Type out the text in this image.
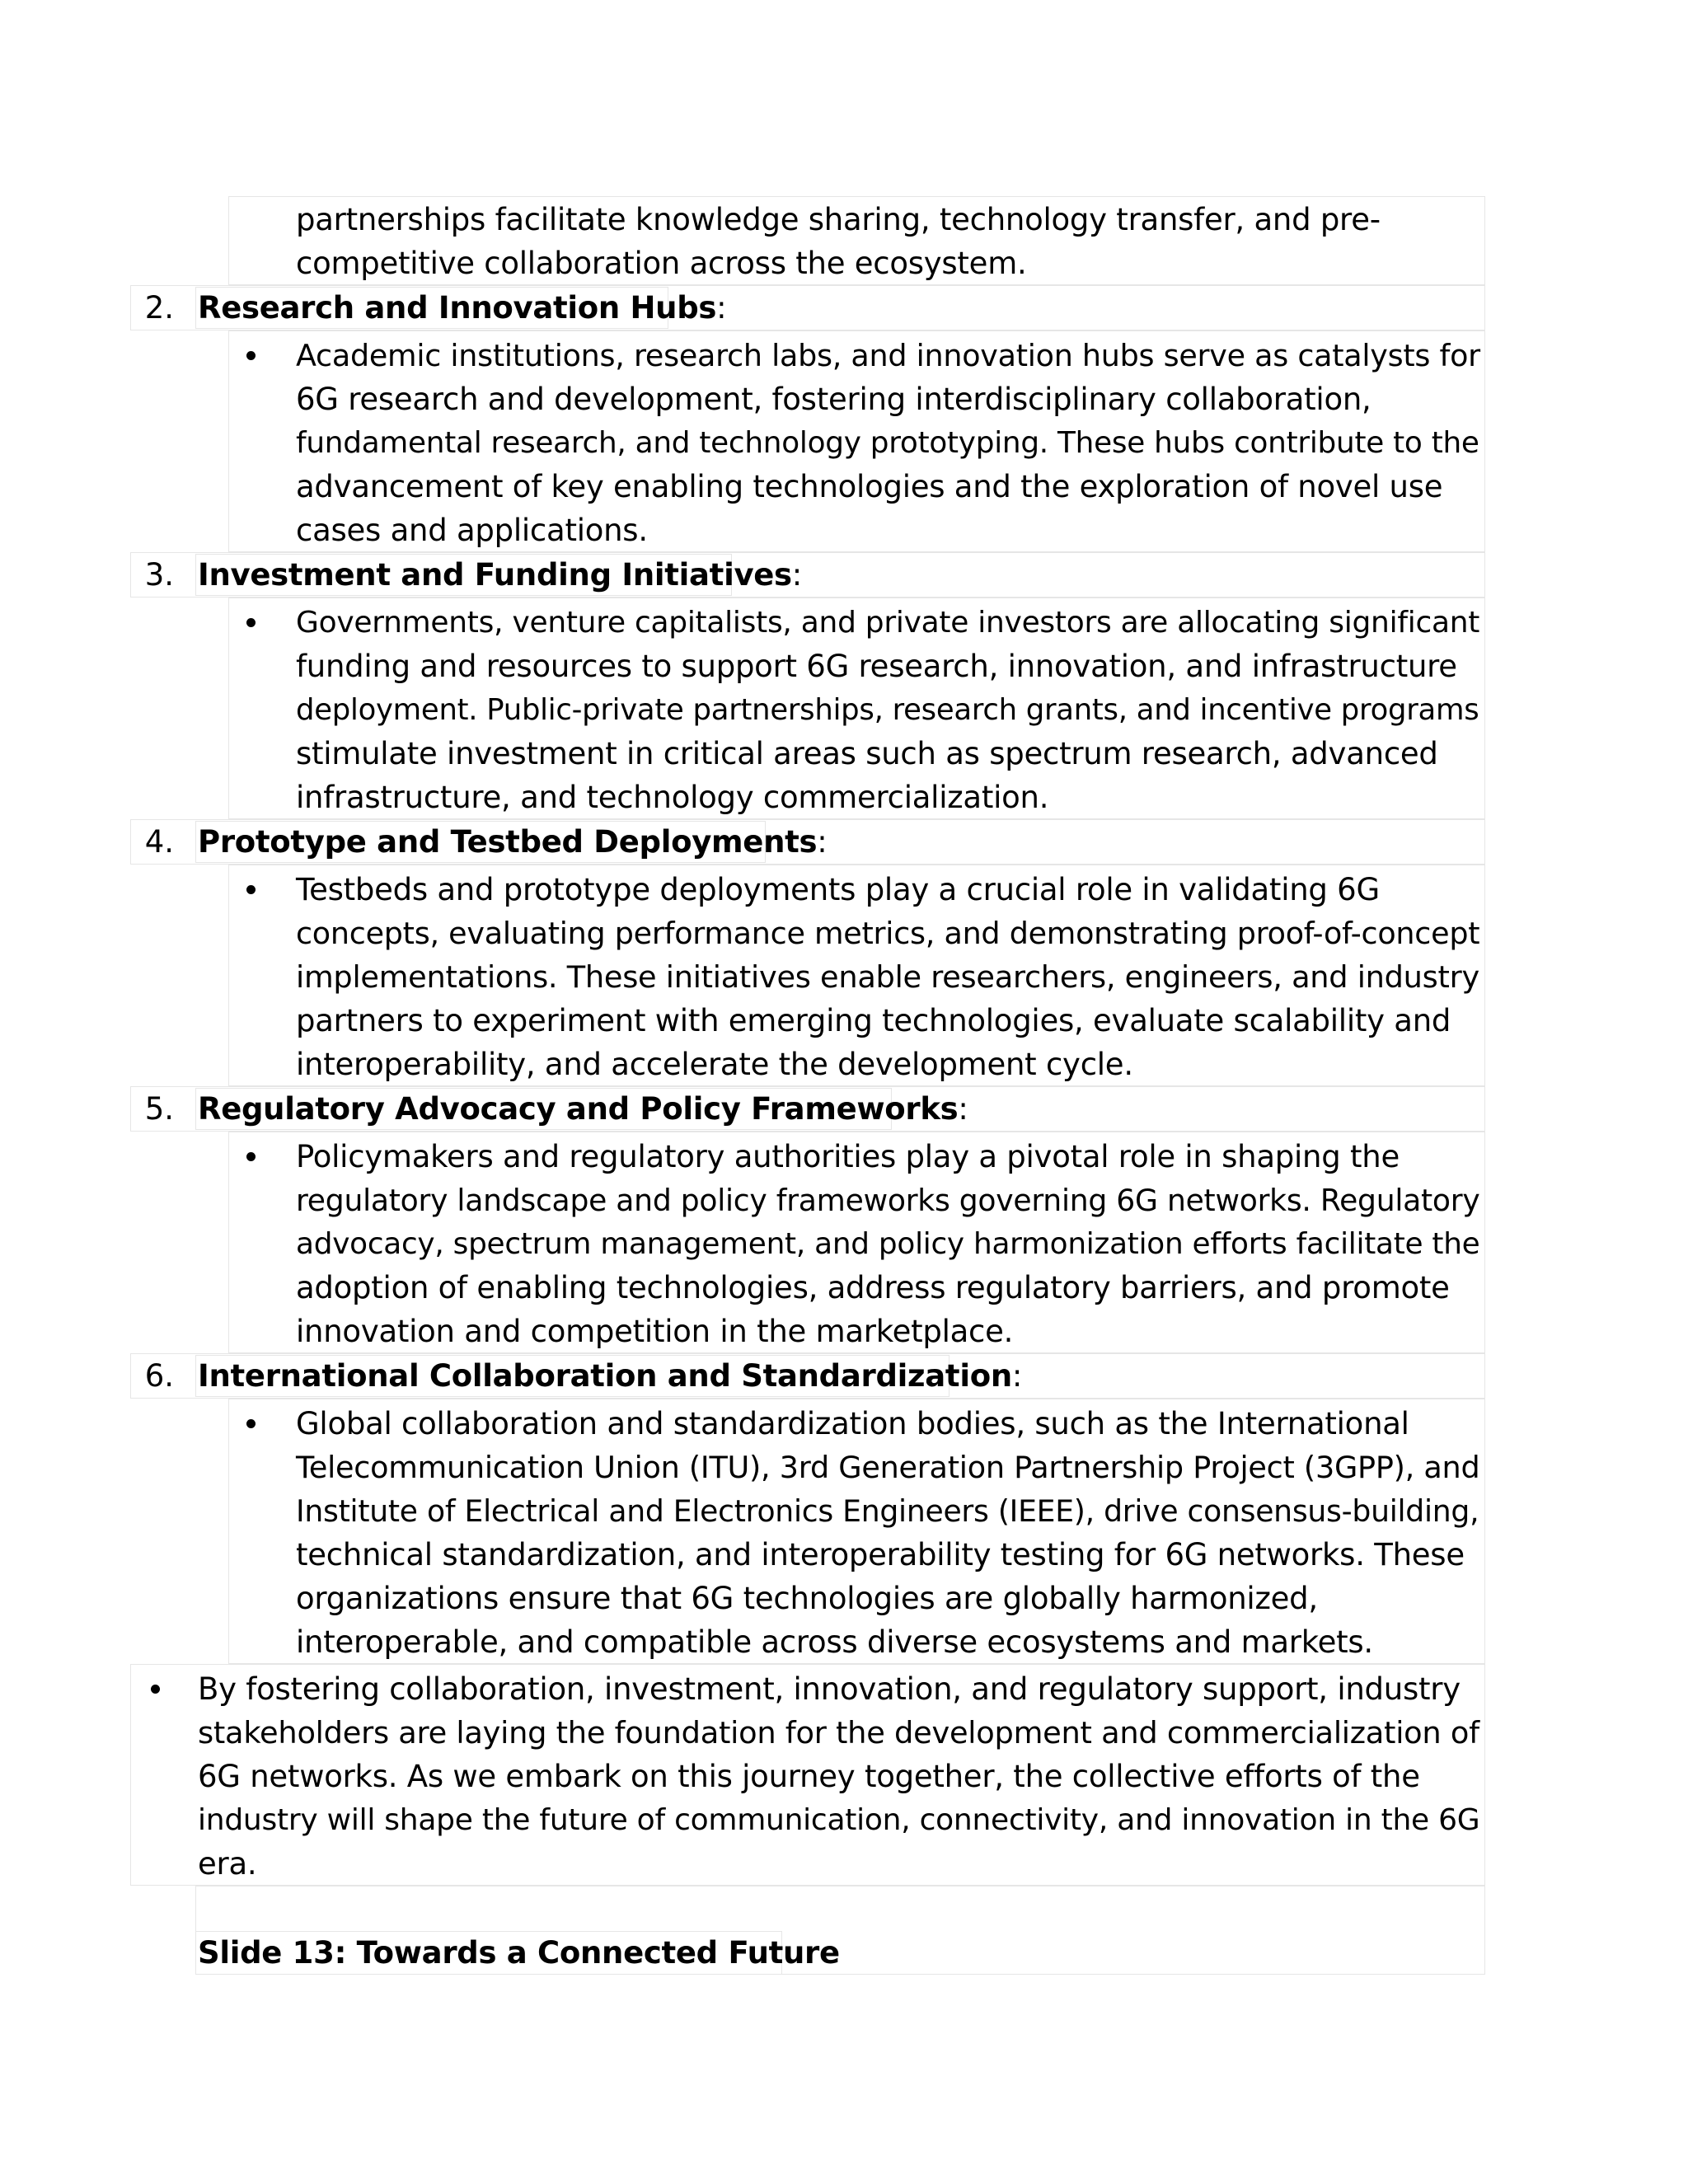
partnerships facilitate knowledge sharing, technology transfer, and pre-
competitive collaboration across the ecosystem.
2. Research and Innovation Hubs:
Academic institutions, research labs, and innovation hubs serve as catalysts for
6G research and development, fostering interdisciplinary collaboration,
fundamental research, and technology prototyping. These hubs contribute to the
advancement of key enabling technologies and the exploration of novel use
cases and applications.
3. Investment and Funding Initiatives:
Governments, venture capitalists, and private investors are allocating significant
funding and resources to support 6G research, innovation, and infrastructure
deployment. Public-private partnerships, research grants, and incentive programs
stimulate investment in critical areas such as spectrum research, advanced
infrastructure, and technology commercialization.
4. Prototype and Testbed Deployments:
Testbeds and prototype deployments play a crucial role in validating 6G
concepts, evaluating performance metrics, and demonstrating proof-of-concept
implementations. These initiatives enable researchers, engineers, and industry
partners to experiment with emerging technologies, evaluate scalability and
interoperability, and accelerate the development cycle.
5. Regulatory Advocacy and Policy Frameworks:
Policymakers and regulatory authorities play a pivotal role in shaping the
regulatory landscape and policy frameworks governing 6G networks. Regulatory
advocacy, spectrum management, and policy harmonization efforts facilitate the
adoption of enabling technologies, address regulatory barriers, and promote
innovation and competition in the marketplace.
6. International Collaboration and Standardization:
Global collaboration and standardization bodies, such as the International
Telecommunication Union (ITU), 3rd Generation Partnership Project (3GPP), and
Institute of Electrical and Electronics Engineers (IEEE), drive consensus-building,
technical standardization, and interoperability testing for 6G networks. These
organizations ensure that 6G technologies are globally harmonized,
interoperable, and compatible across diverse ecosystems and markets.
By fostering collaboration, investment, innovation, and regulatory support, industry
stakeholders are laying the foundation for the development and commercialization of
6G networks. As we embark on this journey together, the collective efforts of the
industry will shape the future of communication, connectivity, and innovation in the 6G
era.
Slide 13: Towards a Connected Future
